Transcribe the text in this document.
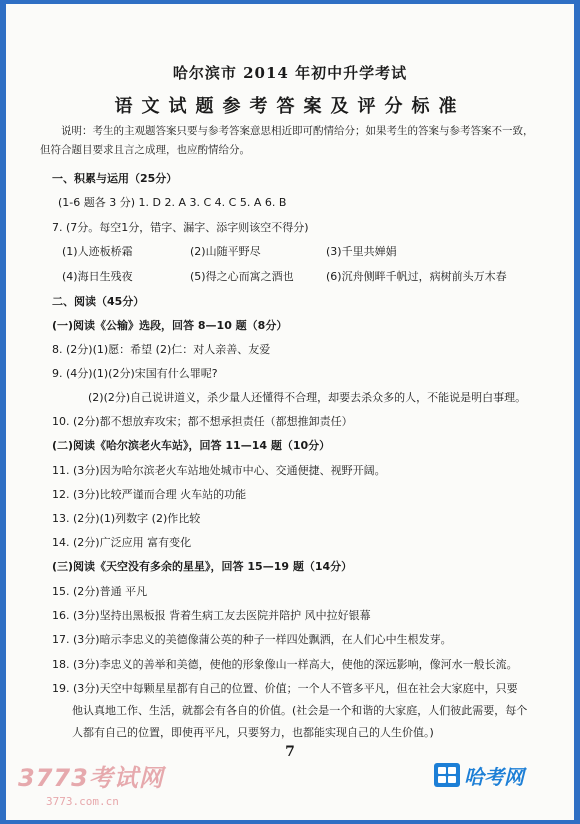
哈尔滨市 2014 年初中升学考试
语文试题参考答案及评分标准
说明：考生的主观题答案只要与参考答案意思相近即可酌情给分；如果考生的答案与参考答案不一致，但符合题目要求且言之成理，也应酌情给分。
一、积累与运用（25分）
(1-6 题各 3 分) 1. D 2. A 3. C 4. C 5. A 6. B
7. (7分。每空1分，错字、漏字、添字则该空不得分)
(1)人迹板桥霜	(2)山随平野尽	(3)千里共婵娟
(4)海日生残夜	(5)得之心而寓之酒也	(6)沉舟侧畔千帆过，病树前头万木春
二、阅读（45分）
(一)阅读《公输》选段，回答 8—10 题（8分）
8. (2分)(1)愿：希望 (2)仁：对人亲善、友爱
9. (4分)(1)(2分)宋国有什么罪呢?
(2)(2分)自己说讲道义，杀少量人还懂得不合理，却要去杀众多的人，不能说是明白事理。
10. (2分)都不想放弃攻宋；都不想承担责任（都想推卸责任）
(二)阅读《哈尔滨老火车站》，回答 11—14 题（10分）
11. (3分)因为哈尔滨老火车站地处城市中心、交通便捷、视野开阔。
12. (3分)比较严谨而合理 火车站的功能
13. (2分)(1)列数字 (2)作比较
14. (2分)广泛应用 富有变化
(三)阅读《天空没有多余的星星》，回答 15—19 题（14分）
15. (2分)普通 平凡
16. (3分)坚持出黑板报 背着生病工友去医院并陪护 风中拉好银幕
17. (3分)暗示李忠义的美德像蒲公英的种子一样四处飘洒，在人们心中生根发芽。
18. (3分)李忠义的善举和美德，使他的形象像山一样高大，使他的深远影响，像河水一般长流。
19. (3分)天空中每颗星星都有自己的位置、价值；一个人不管多平凡，但在社会大家庭中，只要
他认真地工作、生活，就都会有各自的价值。(社会是一个和谐的大家庭，人们彼此需要，每个
人都有自己的位置，即使再平凡，只要努力，也都能实现自己的人生价值。)
7
3773考试网
3773.com.cn
哈考网
